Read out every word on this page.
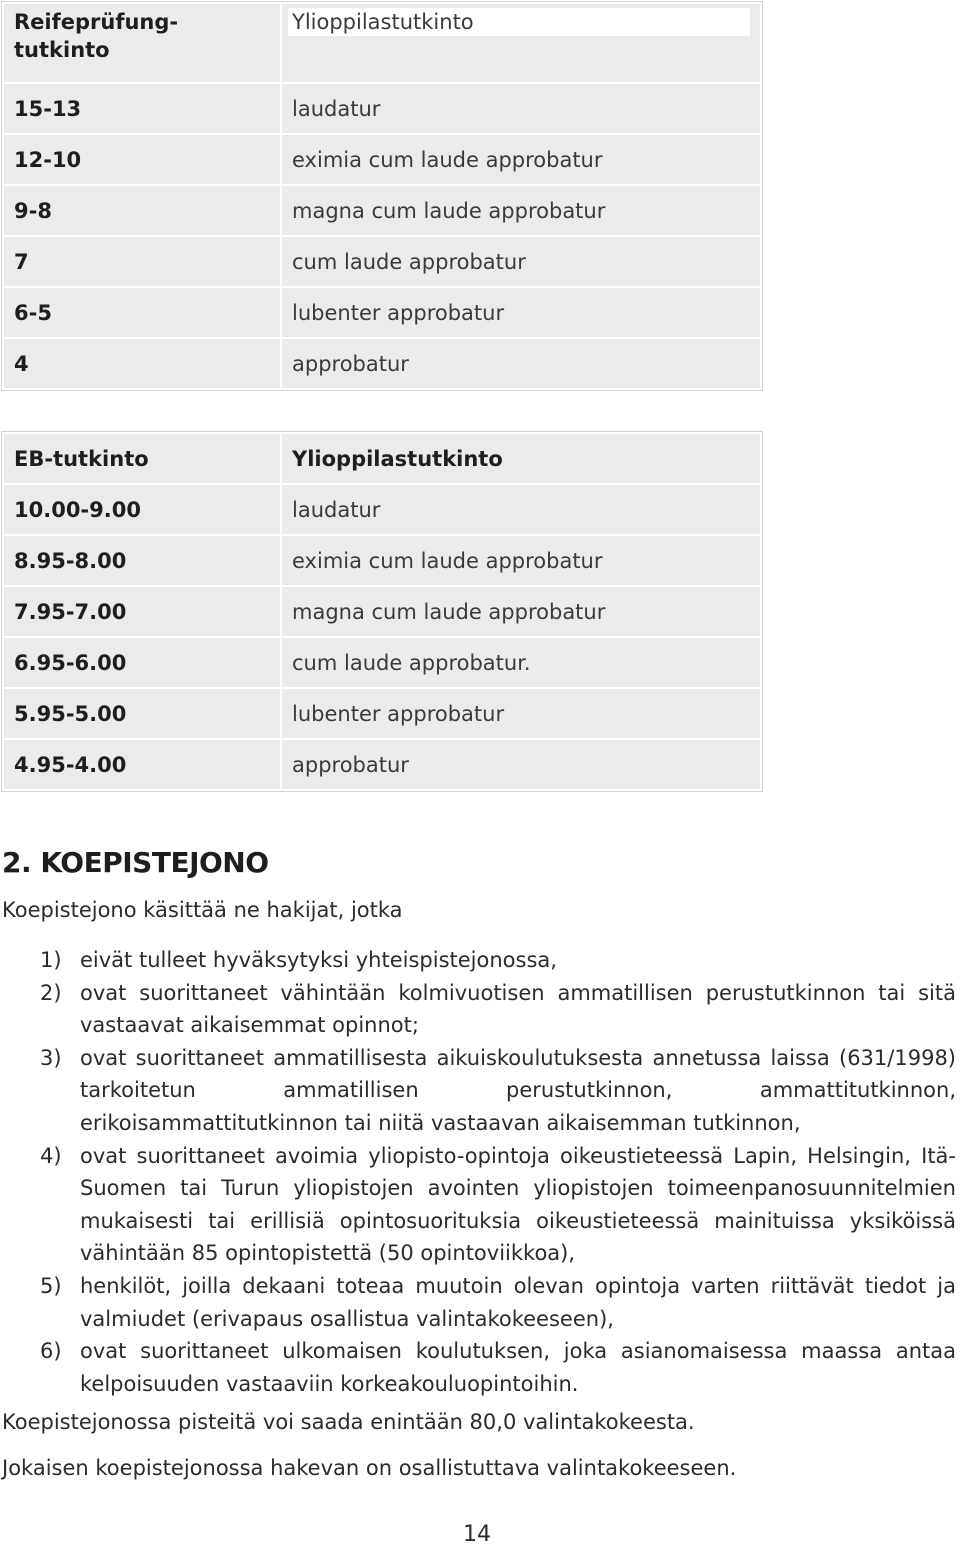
Reifeprüfung-tutkinto	Ylioppilastutkinto

15-13	laudatur
12-10	eximia cum laude approbatur
9-8	magna cum laude approbatur
7	cum laude approbatur
6-5	lubenter approbatur
4	approbatur
EB-tutkinto	Ylioppilastutkinto
10.00-9.00	laudatur
8.95-8.00	eximia cum laude approbatur
7.95-7.00	magna cum laude approbatur
6.95-6.00	cum laude approbatur.
5.95-5.00	lubenter approbatur
4.95-4.00	approbatur
2. KOEPISTEJONO
Koepistejono käsittää ne hakijat, jotka
1) eivät tulleet hyväksytyksi yhteispistejonossa,
2) ovat suorittaneet vähintään kolmivuotisen ammatillisen perustutkinnon tai sitä vastaavat aikaisemmat opinnot;
3) ovat suorittaneet ammatillisesta aikuiskoulutuksesta annetussa laissa (631/1998) tarkoitetun ammatillisen perustutkinnon, ammattitutkinnon, erikoisammattitutkinnon tai niitä vastaavan aikaisemman tutkinnon,
4) ovat suorittaneet avoimia yliopisto-opintoja oikeustieteessä Lapin, Helsingin, Itä-Suomen tai Turun yliopistojen avointen yliopistojen toimeenpanosuunnitelmien mukaisesti tai erillisiä opintosuorituksia oikeustieteessä mainituissa yksiköissä vähintään 85 opintopistettä (50 opintoviikkoa),
5) henkilöt, joilla dekaani toteaa muutoin olevan opintoja varten riittävät tiedot ja valmiudet (erivapaus osallistua valintakokeeseen),
6) ovat suorittaneet ulkomaisen koulutuksen, joka asianomaisessa maassa antaa kelpoisuuden vastaaviin korkeakouluopintoihin.
Koepistejonossa pisteitä voi saada enintään 80,0 valintakokeesta.
Jokaisen koepistejonossa hakevan on osallistuttava valintakokeeseen.
14
